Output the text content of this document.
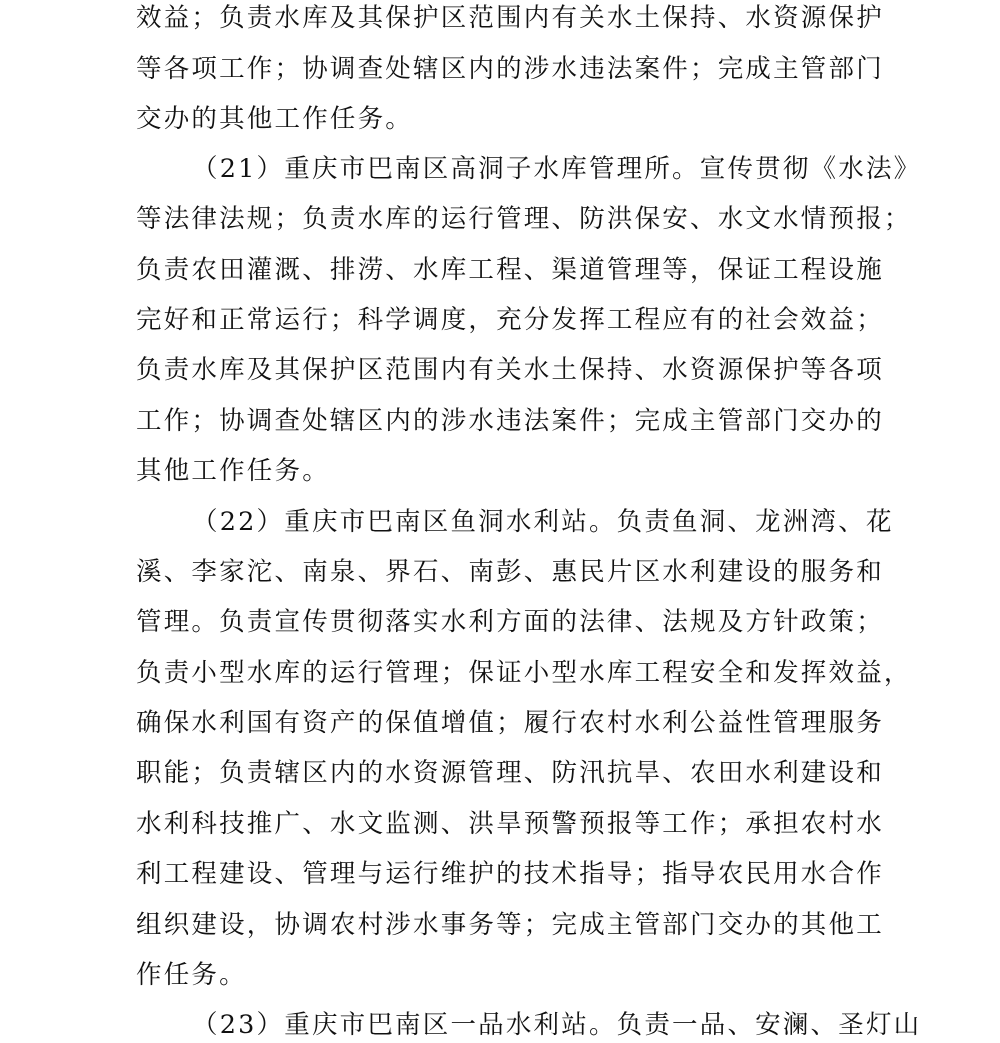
效益；负责水库及其保护区范围内有关水土保持、水资源保护
等各项工作；协调查处辖区内的涉水违法案件；完成主管部门
交办的其他工作任务。
（21）重庆市巴南区高洞子水库管理所。宣传贯彻《水法》
等法律法规；负责水库的运行管理、防洪保安、水文水情预报；
负责农田灌溉、排涝、水库工程、渠道管理等，保证工程设施
完好和正常运行；科学调度，充分发挥工程应有的社会效益；
负责水库及其保护区范围内有关水土保持、水资源保护等各项
工作；协调查处辖区内的涉水违法案件；完成主管部门交办的
其他工作任务。
（22）重庆市巴南区鱼洞水利站。负责鱼洞、龙洲湾、花
溪、李家沱、南泉、界石、南彭、惠民片区水利建设的服务和
管理。负责宣传贯彻落实水利方面的法律、法规及方针政策；
负责小型水库的运行管理；保证小型水库工程安全和发挥效益，
确保水利国有资产的保值增值；履行农村水利公益性管理服务
职能；负责辖区内的水资源管理、防汛抗旱、农田水利建设和
水利科技推广、水文监测、洪旱预警预报等工作；承担农村水
利工程建设、管理与运行维护的技术指导；指导农民用水合作
组织建设，协调农村涉水事务等；完成主管部门交办的其他工
作任务。
（23）重庆市巴南区一品水利站。负责一品、安澜、圣灯山
